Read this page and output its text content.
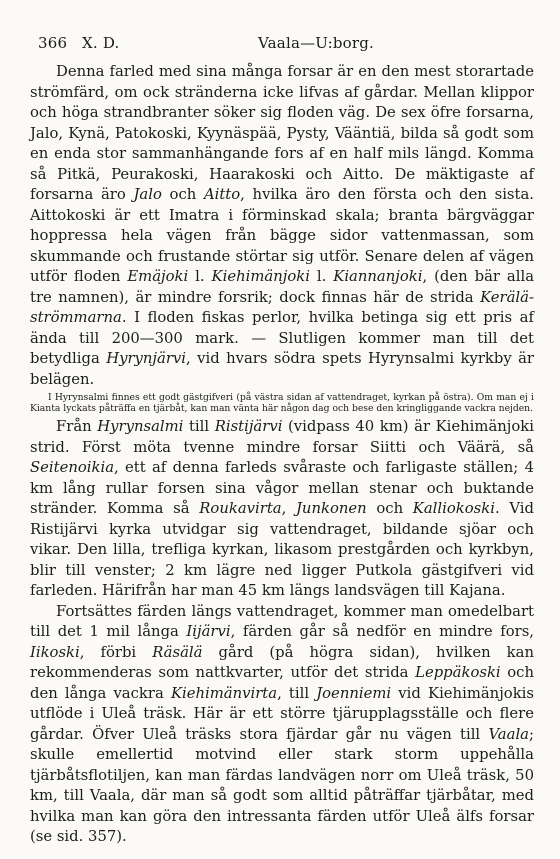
366 X. D.	Vaala—U:borg.

Denna farled med sina många forsar är en den mest storartade strömfärd, om ock stränderna icke lifvas af gårdar. Mellan klippor och höga strandbranter söker sig floden väg. De sex öfre forsarna, Jalo, Kynä, Patokoski, Kyynäspää, Pysty, Vääntiä, bilda så godt som en enda stor sammanhängande fors af en half mils längd. Komma så Pitkä, Peurakoski, Haarakoski och Aitto. De mäktigaste af forsarna äro Jalo och Aitto, hvilka äro den första och den sista. Aittokoski är ett Imatra i förminskad skala; branta bärgväggar hoppressa hela vägen från bägge sidor vattenmassan, som skummande och frustande störtar sig utför. Senare delen af vägen utför floden Emäjoki l. Kiehimänjoki l. Kiannanjoki, (den bär alla tre namnen), är mindre forsrik; dock finnas här de strida Kerälä-strömmarna. I floden fiskas perlor, hvilka betinga sig ett pris af ända till 200—300 mark. — Slutligen kommer man till det betydliga Hyrynjärvi, vid hvars södra spets Hyrynsalmi kyrkby är belägen.

I Hyrynsalmi finnes ett godt gästgifveri (på västra sidan af vattendraget, kyrkan på östra). Om man ej i Kianta lyckats påträffa en tjärbåt, kan man vänta här någon dag och bese den kringliggande vackra nejden.

Från Hyrynsalmi till Ristijärvi (vidpass 40 km) är Kiehimänjoki strid. Först möta tvenne mindre forsar Siitti och Väärä, så Seitenoikia, ett af denna farleds svåraste och farligaste ställen; 4 km lång rullar forsen sina vågor mellan stenar och buktande stränder. Komma så Roukavirta, Junkonen och Kalliokoski. Vid Ristijärvi kyrka utvidgar sig vattendraget, bildande sjöar och vikar. Den lilla, trefliga kyrkan, likasom prestgården och kyrkbyn, blir till venster; 2 km lägre ned ligger Putkola gästgifveri vid farleden. Härifrån har man 45 km längs landsvägen till Kajana.

Fortsättes färden längs vattendraget, kommer man omedelbart till det 1 mil långa Iijärvi, färden går så nedför en mindre fors, Iikoski, förbi Räsälä gård (på högra sidan), hvilken kan rekommenderas som nattkvarter, utför det strida Leppäkoski och den långa vackra Kiehimänvirta, till Joenniemi vid Kiehimänjokis utflöde i Uleå träsk. Här är ett större tjärupplagsställe och flere gårdar. Öfver Uleå träsks stora fjärdar går nu vägen till Vaala; skulle emellertid motvind eller stark storm uppehålla tjärbåtsflotiljen, kan man färdas landvägen norr om Uleå träsk, 50 km, till Vaala, där man så godt som alltid påträffar tjärbåtar, med hvilka man kan göra den intressanta färden utför Uleå älfs forsar (se sid. 357).
